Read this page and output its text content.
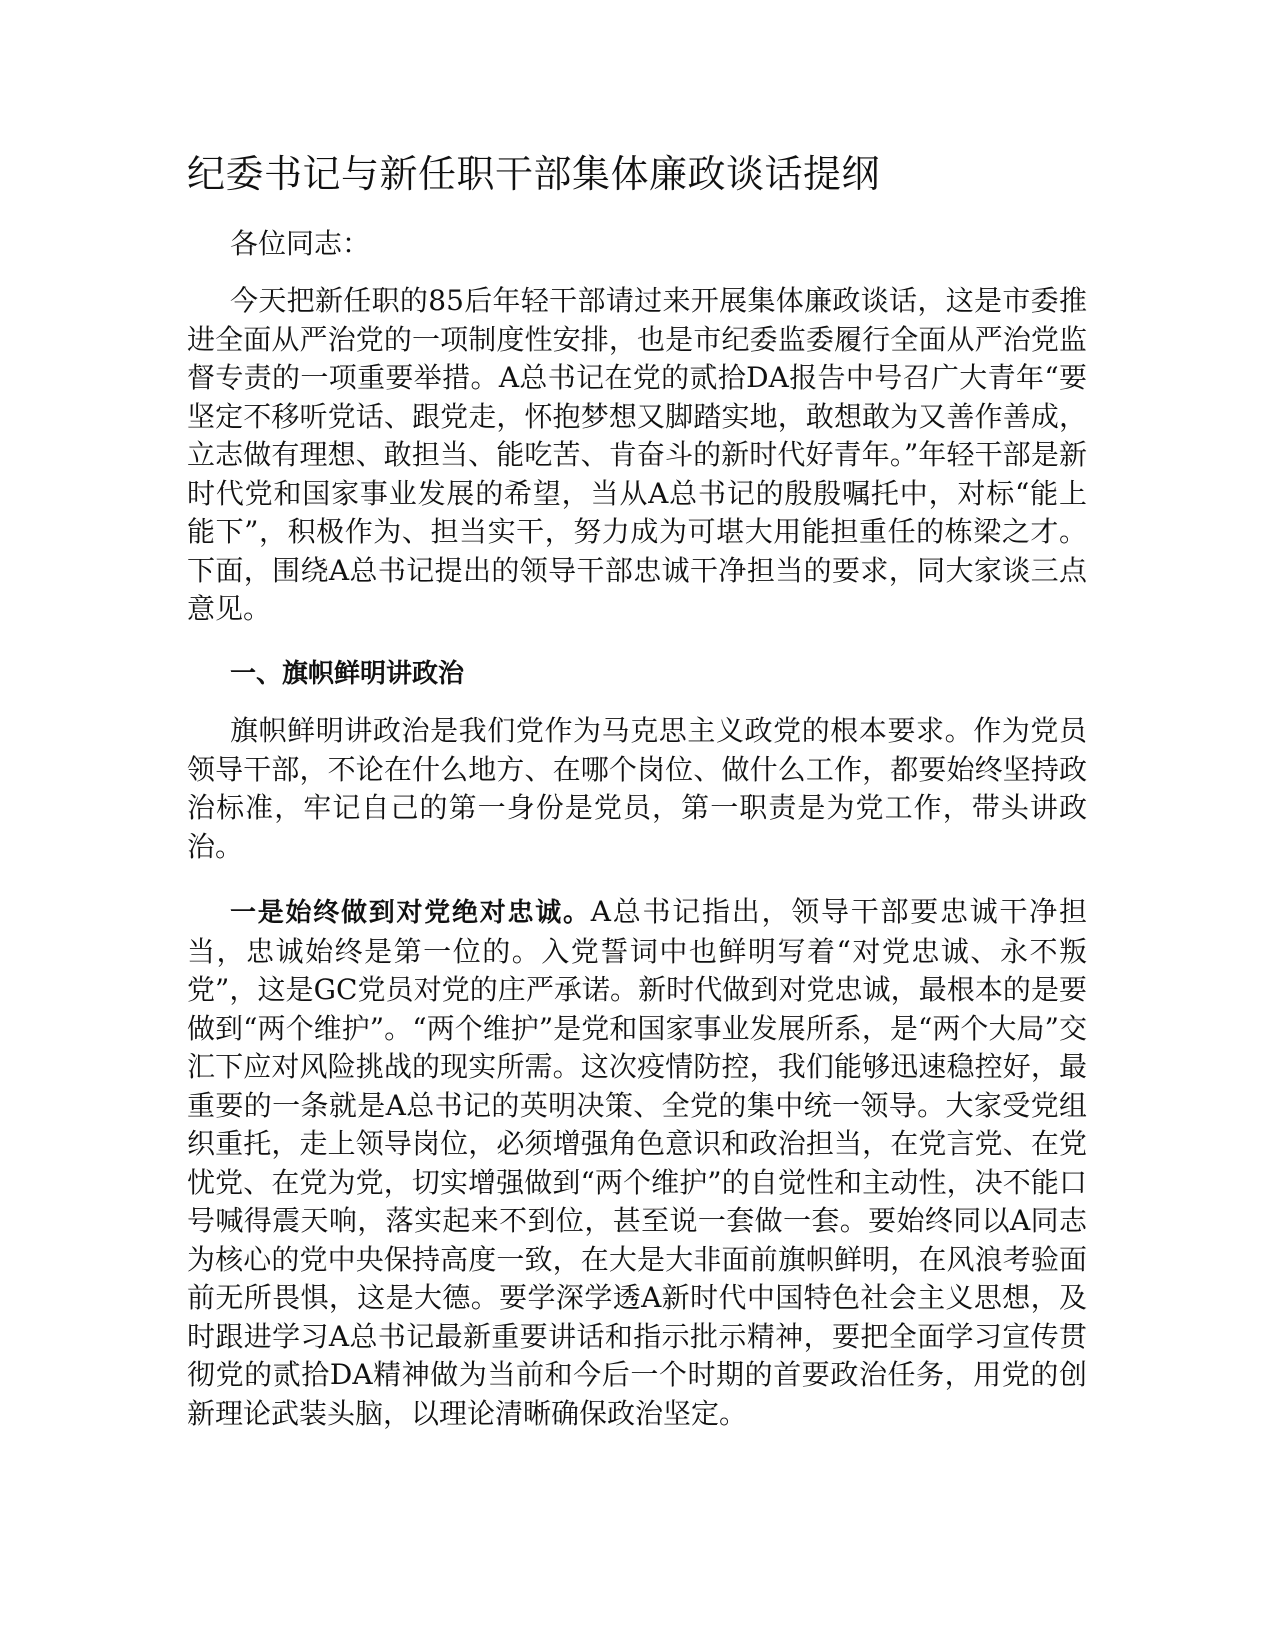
纪委书记与新任职干部集体廉政谈话提纲

各位同志：

今天把新任职的85后年轻干部请过来开展集体廉政谈话，这是市委推进全面从严治党的一项制度性安排，也是市纪委监委履行全面从严治党监督专责的一项重要举措。A总书记在党的贰拾DA报告中号召广大青年“要坚定不移听党话、跟党走，怀抱梦想又脚踏实地，敢想敢为又善作善成，立志做有理想、敢担当、能吃苦、肯奋斗的新时代好青年。”年轻干部是新时代党和国家事业发展的希望，当从A总书记的殷殷嘱托中，对标“能上能下”，积极作为、担当实干，努力成为可堪大用能担重任的栋梁之才。下面，围绕A总书记提出的领导干部忠诚干净担当的要求，同大家谈三点意见。

一、旗帜鲜明讲政治

旗帜鲜明讲政治是我们党作为马克思主义政党的根本要求。作为党员领导干部，不论在什么地方、在哪个岗位、做什么工作，都要始终坚持政治标准，牢记自己的第一身份是党员，第一职责是为党工作，带头讲政治。

一是始终做到对党绝对忠诚。A总书记指出，领导干部要忠诚干净担当，忠诚始终是第一位的。入党誓词中也鲜明写着“对党忠诚、永不叛党”，这是GC党员对党的庄严承诺。新时代做到对党忠诚，最根本的是要做到“两个维护”。“两个维护”是党和国家事业发展所系，是“两个大局”交汇下应对风险挑战的现实所需。这次疫情防控，我们能够迅速稳控好，最重要的一条就是A总书记的英明决策、全党的集中统一领导。大家受党组织重托，走上领导岗位，必须增强角色意识和政治担当，在党言党、在党忧党、在党为党，切实增强做到“两个维护”的自觉性和主动性，决不能口号喊得震天响，落实起来不到位，甚至说一套做一套。要始终同以A同志为核心的党中央保持高度一致，在大是大非面前旗帜鲜明，在风浪考验面前无所畏惧，这是大德。要学深学透A新时代中国特色社会主义思想，及时跟进学习A总书记最新重要讲话和指示批示精神，要把全面学习宣传贯彻党的贰拾DA精神做为当前和今后一个时期的首要政治任务，用党的创新理论武装头脑，以理论清晰确保政治坚定。
